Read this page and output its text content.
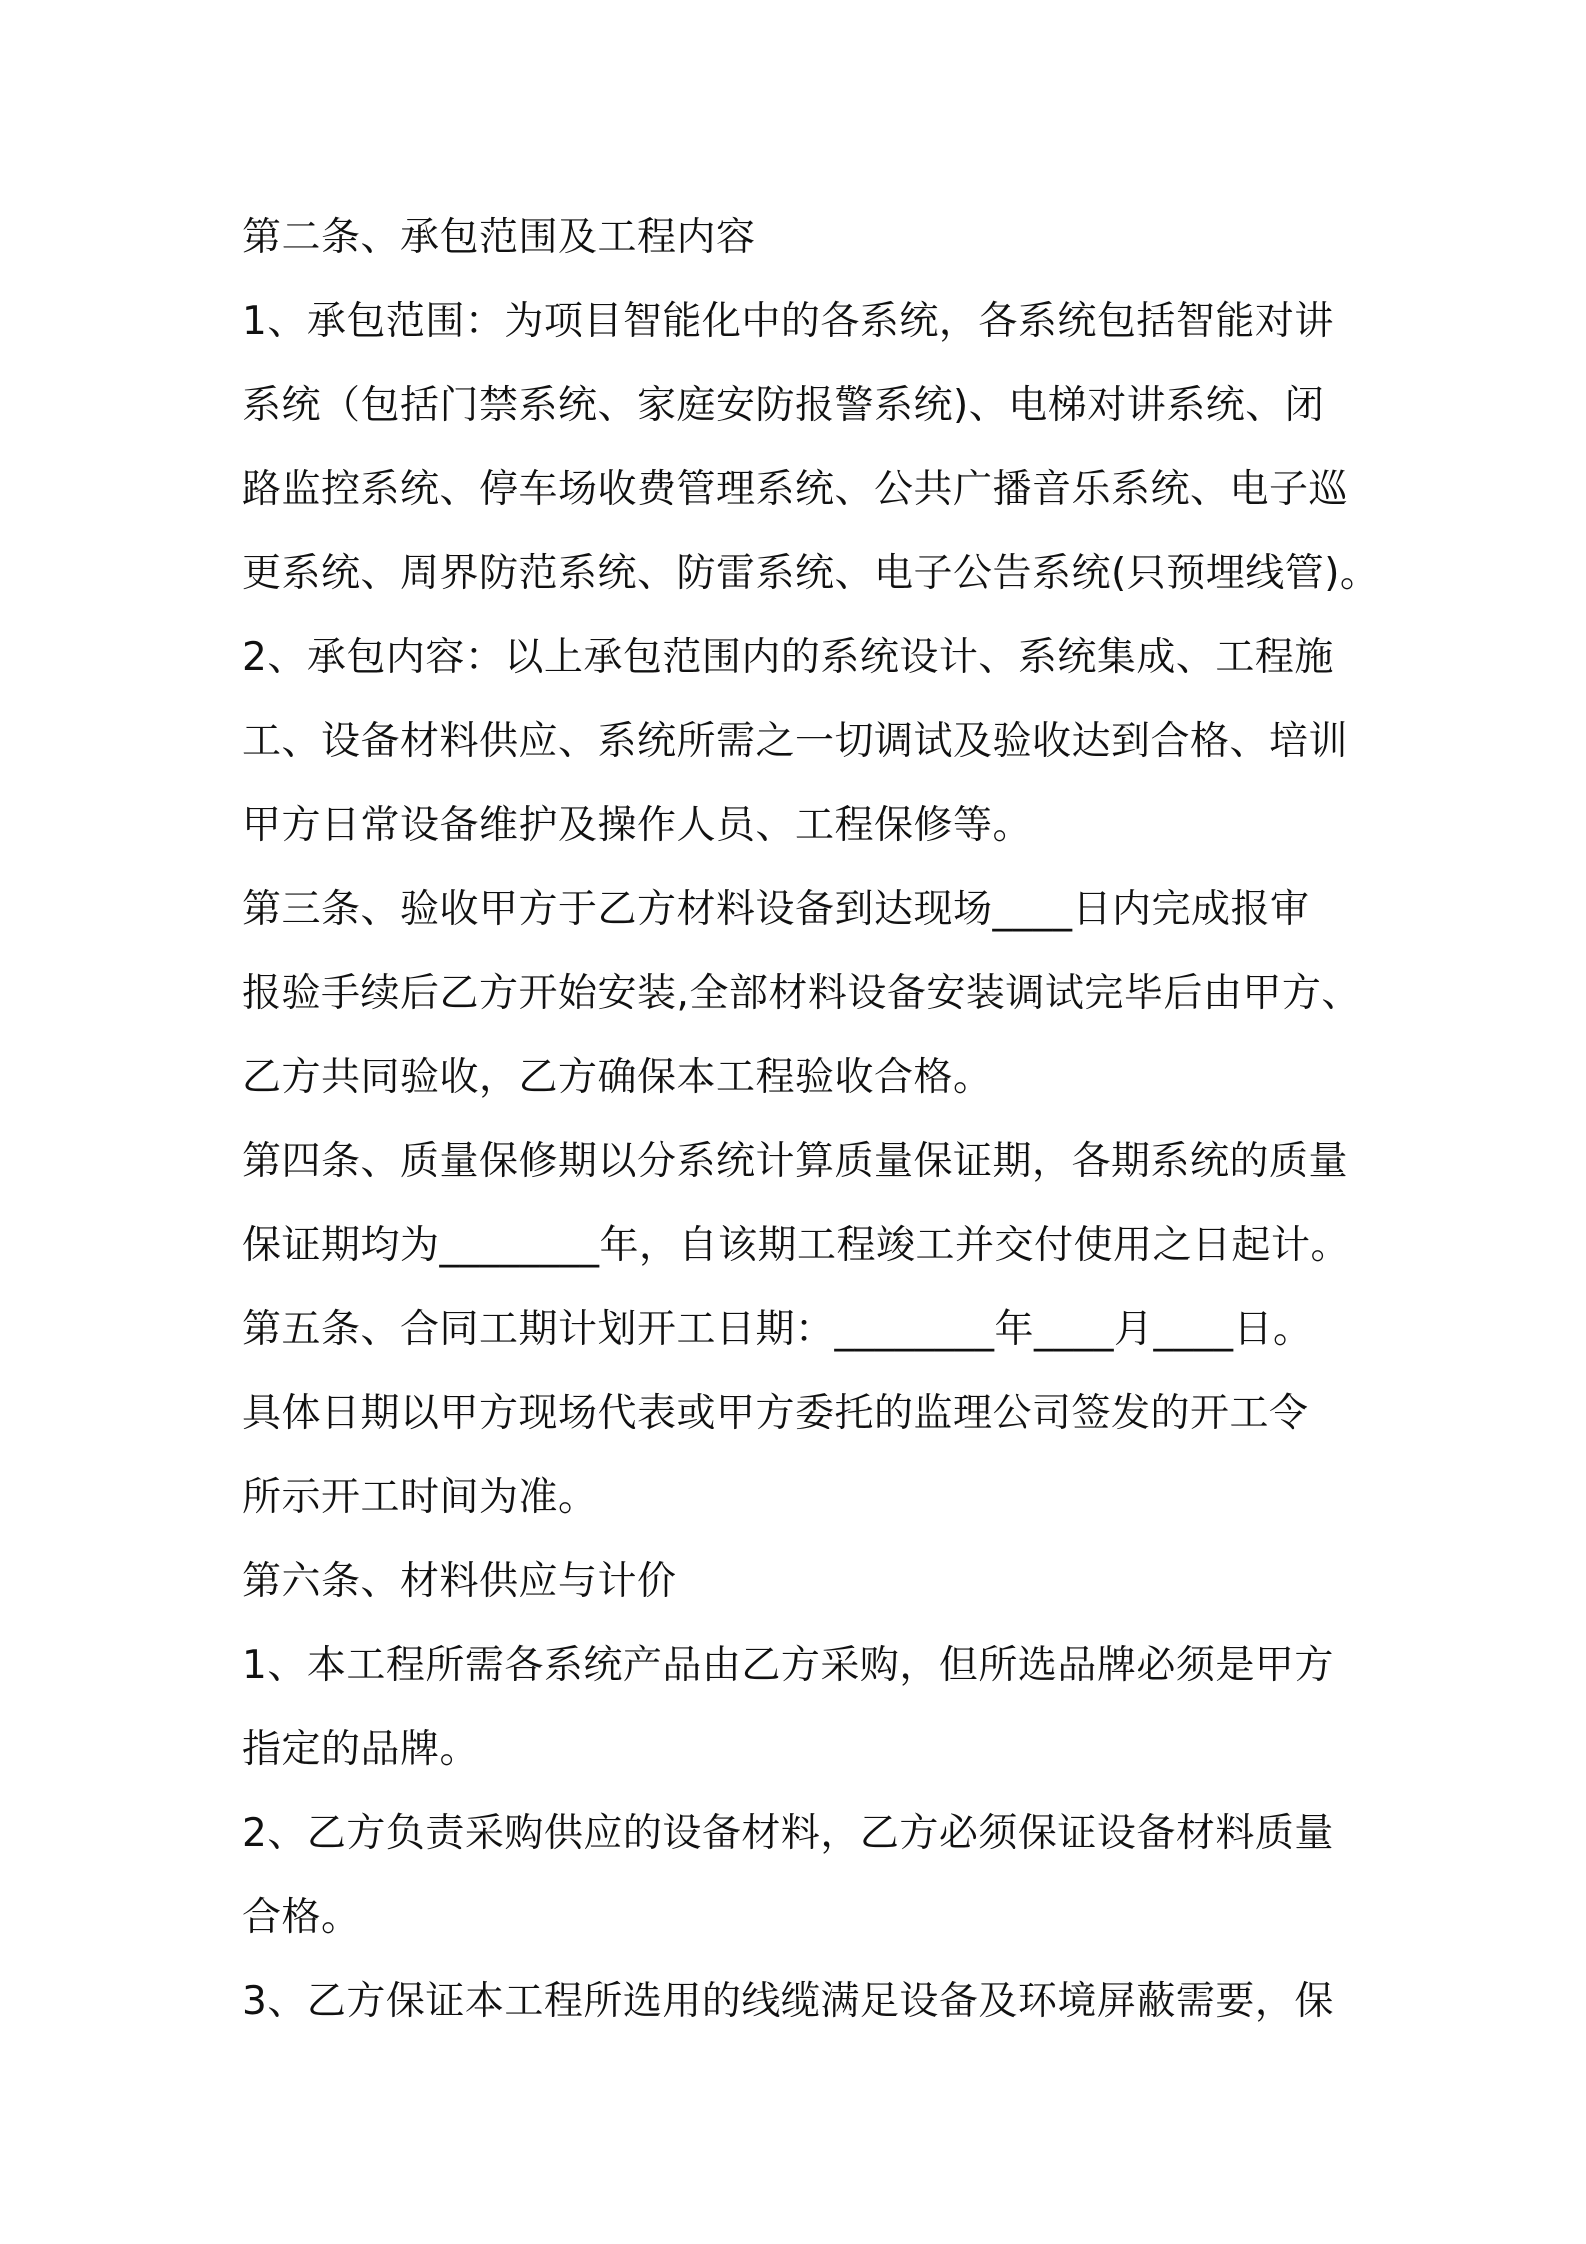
第二条、承包范围及工程内容
1、承包范围：为项目智能化中的各系统，各系统包括智能对讲
系统（包括门禁系统、家庭安防报警系统)、电梯对讲系统、闭
路监控系统、停车场收费管理系统、公共广播音乐系统、电子巡
更系统、周界防范系统、防雷系统、电子公告系统(只预埋线管)。
2、承包内容：以上承包范围内的系统设计、系统集成、工程施
工、设备材料供应、系统所需之一切调试及验收达到合格、培训
甲方日常设备维护及操作人员、工程保修等。
第三条、验收甲方于乙方材料设备到达现场____日内完成报审
报验手续后乙方开始安装,全部材料设备安装调试完毕后由甲方、
乙方共同验收，乙方确保本工程验收合格。
第四条、质量保修期以分系统计算质量保证期，各期系统的质量
保证期均为________年，自该期工程竣工并交付使用之日起计。
第五条、合同工期计划开工日期：________年____月____日。
具体日期以甲方现场代表或甲方委托的监理公司签发的开工令
所示开工时间为准。
第六条、材料供应与计价
1、本工程所需各系统产品由乙方采购，但所选品牌必须是甲方
指定的品牌。
2、乙方负责采购供应的设备材料，乙方必须保证设备材料质量
合格。
3、乙方保证本工程所选用的线缆满足设备及环境屏蔽需要，保
